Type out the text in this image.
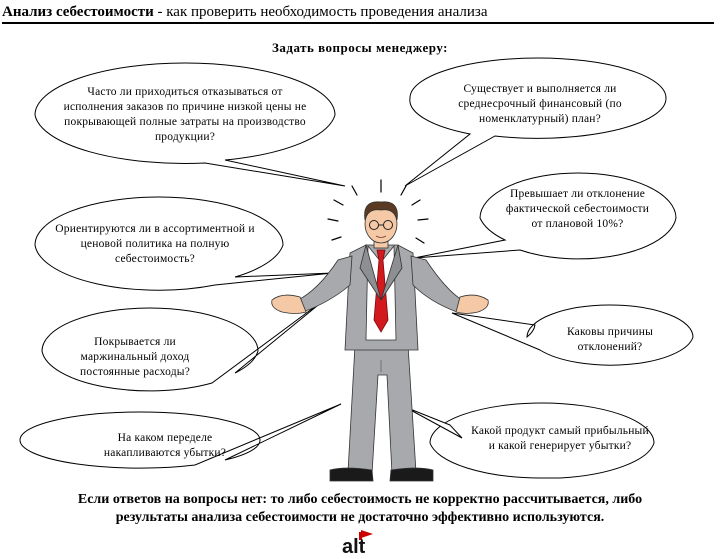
Анализ себестоимости - как проверить необходимость проведения анализа
Задать вопросы менеджеру:
Часто ли приходиться отказываться от исполнения заказов по причине низкой цены не покрывающей полные затраты на производство продукции?
Существует и выполняется ли среднесрочный финансовый (по номенклатурный) план?
Ориентируются ли в ассортиментной и ценовой политика на полную себестоимость?
Превышает ли отклонение фактической себестоимости от плановой 10%?
Покрывается ли маржинальный доход постоянные расходы?
Каковы причины отклонений?
На каком переделе накапливаются убытки?
Какой продукт самый прибыльный и какой генерирует убытки?
Если ответов на вопросы нет: то либо себестоимость не корректно рассчитывается, либо
результаты анализа себестоимости не достаточно эффективно используются.
alt
